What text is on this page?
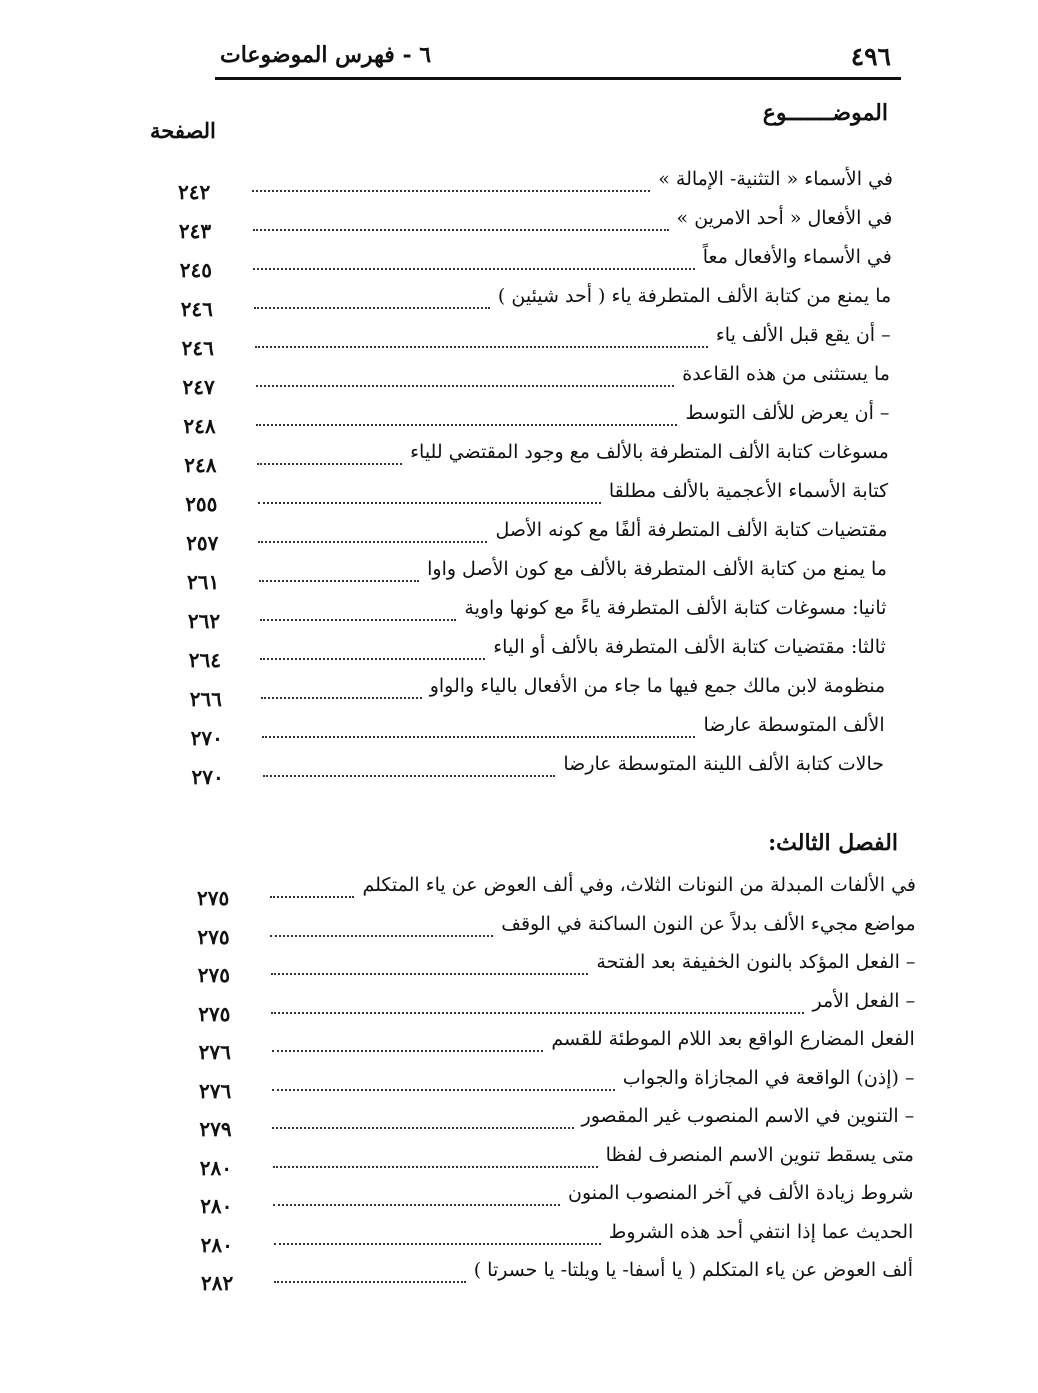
٤٩٦
٦ - فهرس الموضوعات
الموضـــــــوع
الصفحة
الفصل الثالث:
في الأسماء « التثنية- الإمالة »
٢٤٢
في الأفعال « أحد الامرين »
٢٤٣
في الأسماء والأفعال معاً
٢٤٥
ما يمنع من كتابة الألف المتطرفة ياء ( أحد شيئين )
٢٤٦
– أن يقع قبل الألف ياء
٢٤٦
ما يستثنى من هذه القاعدة
٢٤٧
– أن يعرض للألف التوسط
٢٤٨
مسوغات كتابة الألف المتطرفة بالألف مع وجود المقتضي للياء
٢٤٨
كتابة الأسماء الأعجمية بالألف مطلقا
٢٥٥
مقتضيات كتابة الألف المتطرفة ألفًا مع كونه الأصل
٢٥٧
ما يمنع من كتابة الألف المتطرفة بالألف مع كون الأصل واوا
٢٦١
ثانيا: مسوغات كتابة الألف المتطرفة ياءً مع كونها واوية
٢٦٢
ثالثا: مقتضيات كتابة الألف المتطرفة بالألف أو الياء
٢٦٤
منظومة لابن مالك جمع فيها ما جاء من الأفعال بالياء والواو
٢٦٦
الألف المتوسطة عارضا
٢٧٠
حالات كتابة الألف اللينة المتوسطة عارضا
٢٧٠
في الألفات المبدلة من النونات الثلاث، وفي ألف العوض عن ياء المتكلم
٢٧٥
مواضع مجيء الألف بدلاً عن النون الساكنة في الوقف
٢٧٥
– الفعل المؤكد بالنون الخفيفة بعد الفتحة
٢٧٥
– الفعل الأمر
٢٧٥
الفعل المضارع الواقع بعد اللام الموطئة للقسم
٢٧٦
– (إذن) الواقعة في المجازاة والجواب
٢٧٦
– التنوين في الاسم المنصوب غير المقصور
٢٧٩
متى يسقط تنوين الاسم المنصرف لفظا
٢٨٠
شروط زيادة الألف في آخر المنصوب المنون
٢٨٠
الحديث عما إذا انتفي أحد هذه الشروط
٢٨٠
ألف العوض عن ياء المتكلم ( يا أسفا- يا ويلتا- يا حسرتا )
٢٨٢
